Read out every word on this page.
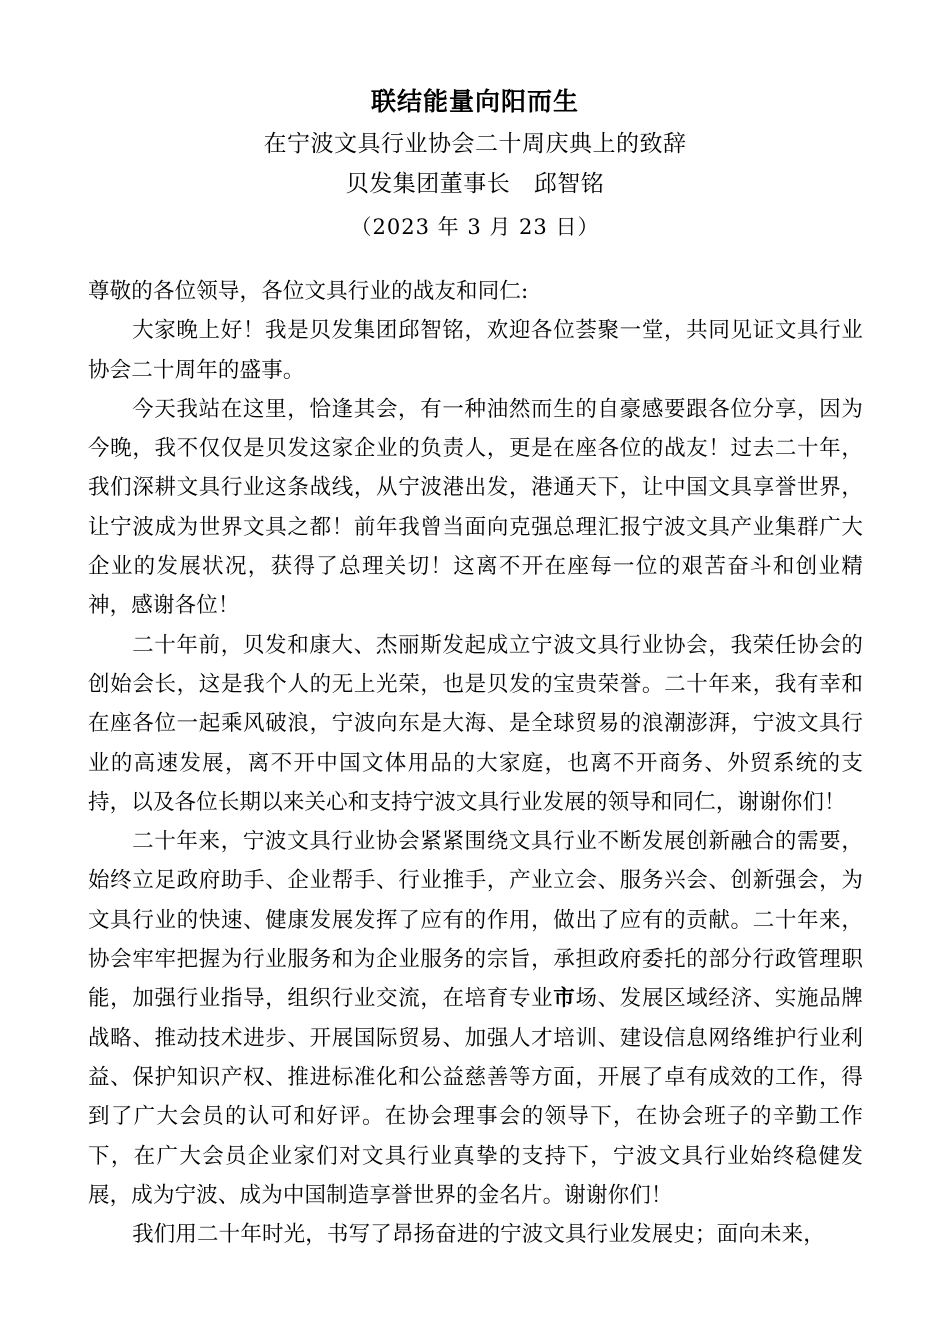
联结能量向阳而生
在宁波文具行业协会二十周庆典上的致辞
贝发集团董事长　邱智铭
（2023 年 3 月 23 日）

尊敬的各位领导，各位文具行业的战友和同仁:

大家晚上好！我是贝发集团邱智铭，欢迎各位荟聚一堂，共同见证文具行业协会二十周年的盛事。

今天我站在这里，恰逢其会，有一种油然而生的自豪感要跟各位分享，因为今晚，我不仅仅是贝发这家企业的负责人，更是在座各位的战友！过去二十年，我们深耕文具行业这条战线，从宁波港出发，港通天下，让中国文具享誉世界，让宁波成为世界文具之都！前年我曾当面向克强总理汇报宁波文具产业集群广大企业的发展状况，获得了总理关切！这离不开在座每一位的艰苦奋斗和创业精神，感谢各位！

二十年前，贝发和康大、杰丽斯发起成立宁波文具行业协会，我荣任协会的创始会长，这是我个人的无上光荣，也是贝发的宝贵荣誉。二十年来，我有幸和在座各位一起乘风破浪，宁波向东是大海、是全球贸易的浪潮澎湃，宁波文具行业的高速发展，离不开中国文体用品的大家庭，也离不开商务、外贸系统的支持，以及各位长期以来关心和支持宁波文具行业发展的领导和同仁，谢谢你们！

二十年来，宁波文具行业协会紧紧围绕文具行业不断发展创新融合的需要，始终立足政府助手、企业帮手、行业推手，产业立会、服务兴会、创新强会，为文具行业的快速、健康发展发挥了应有的作用，做出了应有的贡献。二十年来，协会牢牢把握为行业服务和为企业服务的宗旨，承担政府委托的部分行政管理职能，加强行业指导，组织行业交流，在培育专业市场、发展区域经济、实施品牌战略、推动技术进步、开展国际贸易、加强人才培训、建设信息网络维护行业利益、保护知识产权、推进标准化和公益慈善等方面，开展了卓有成效的工作，得到了广大会员的认可和好评。在协会理事会的领导下，在协会班子的辛勤工作下，在广大会员企业家们对文具行业真挚的支持下，宁波文具行业始终稳健发展，成为宁波、成为中国制造享誉世界的金名片。谢谢你们！

我们用二十年时光，书写了昂扬奋进的宁波文具行业发展史；面向未来，
